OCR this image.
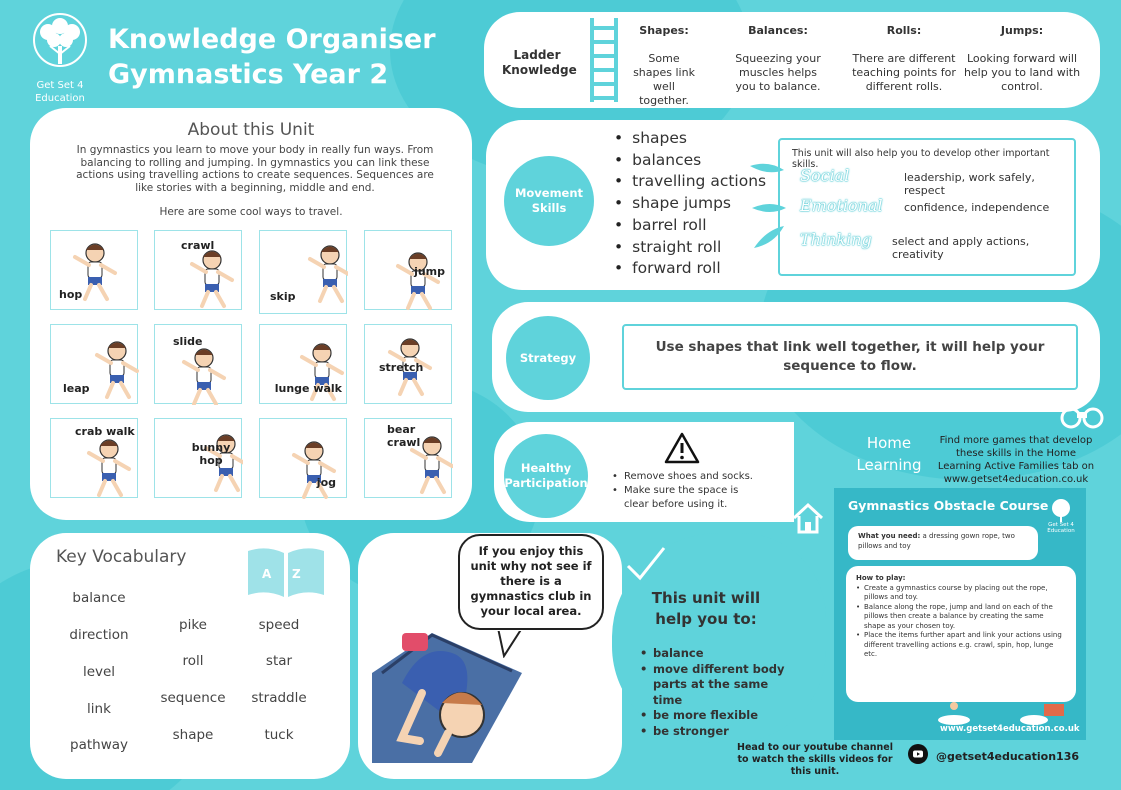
Get Set 4
Education
Knowledge Organiser
Gymnastics Year 2
Ladder Knowledge
Shapes:
Some shapes link well together.
Balances:
Squeezing your muscles helps you to balance.
Rolls:
There are different teaching points for different rolls.
Jumps:
Looking forward will help you to land with control.
About this Unit
In gymnastics you learn to move your body in really fun ways. From balancing to rolling and jumping. In gymnastics you can link these actions using travelling actions to create sequences. Sequences are like stories with a beginning, middle and end.
Here are some cool ways to travel.
hop
crawl
skip
jump
leap
slide
lunge walk
stretch
crab walk
bunny hop
jog
bear crawl
Movement Skills
• shapes
• balances
• travelling actions
• shape jumps
• barrel roll
• straight roll
• forward roll
This unit will also help you to develop other important skills.
Social	leadership, work safely, respect
Emotional confidence, independence
Thinking select and apply actions, creativity
Strategy
Use shapes that link well together, it will help your sequence to flow.
Healthy Participation
•	Remove shoes and socks.
• Make sure the space is clear before using it.
Home Learning
Find more games that develop these skills in the Home Learning Active Families tab on www.getset4education.co.uk
Gymnastics Obstacle Course
Get Set 4 Education
What you need: a dressing gown rope, two pillows and toy
How to play:
• Create a gymnastics course by placing out the rope, pillows and toy.
• Balance along the rope, jump and land on each of the pillows then create a balance by creating the same shape as your chosen toy.
• Place the items further apart and link your actions using different travelling actions e.g. crawl, spin, hop, lunge etc.
www.getset4education.co.uk
Key Vocabulary
A Z
balance
direction
level
link
pathway
pike
roll
sequence
shape
speed
star
straddle
tuck
If you enjoy this unit why not see if there is a gymnastics club in your local area.
This unit will help you to:
• balance
• move different body parts at the same time
• be more flexible
• be stronger
Head to our youtube channel to watch the skills videos for this unit.
@getset4education136
